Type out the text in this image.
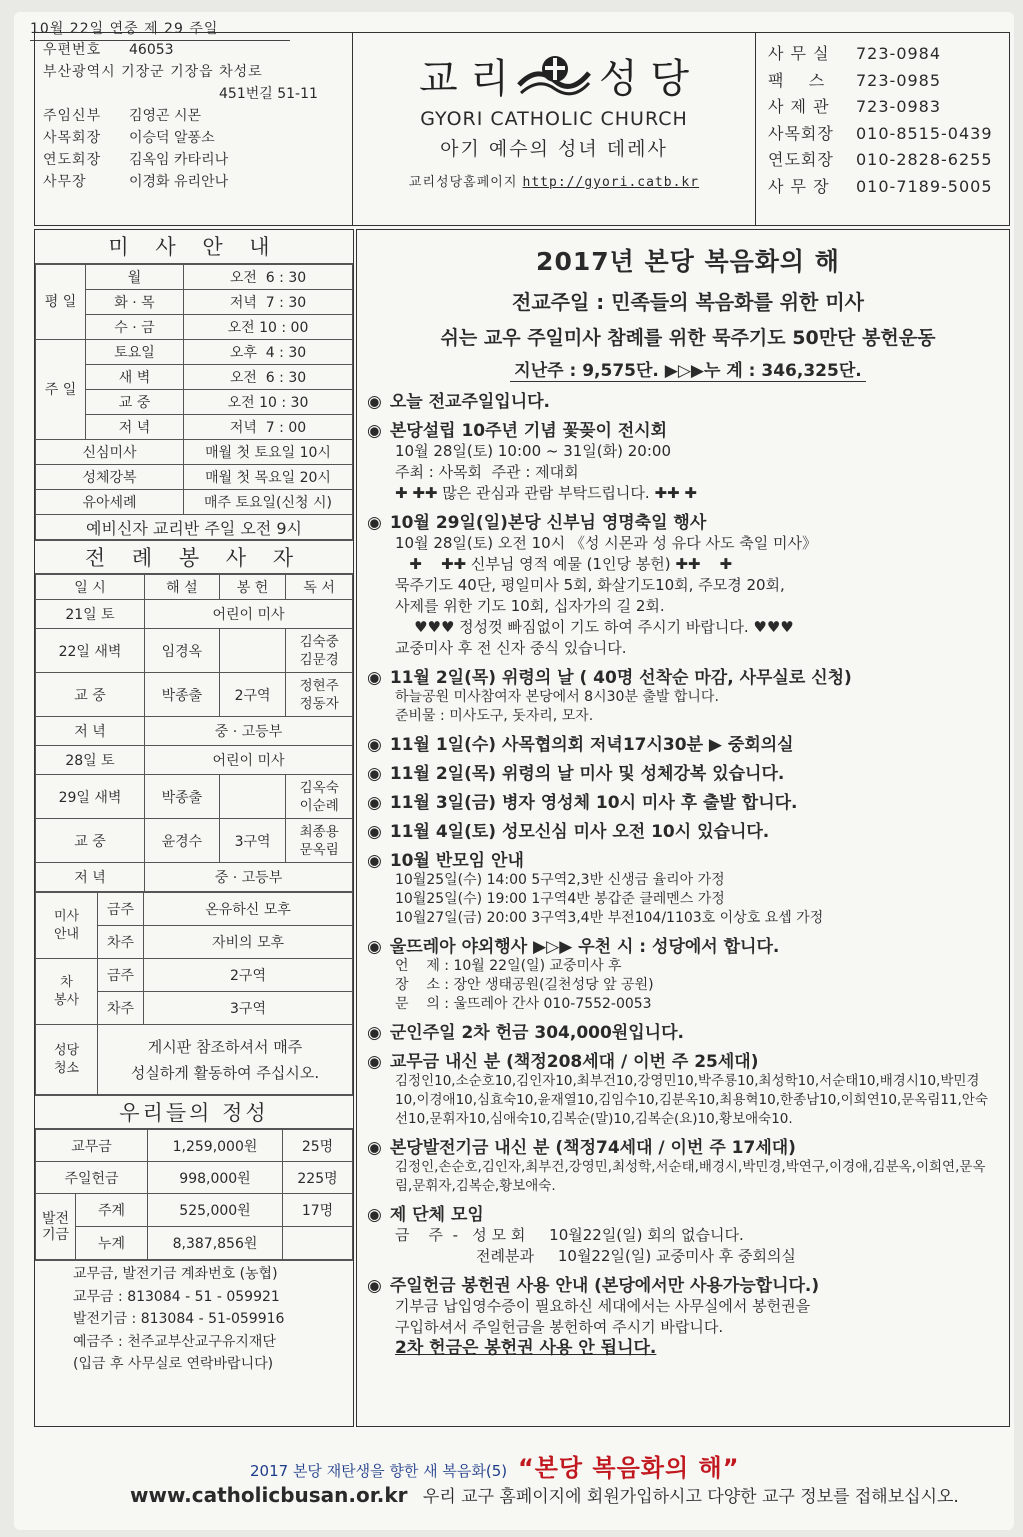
10월 22일 연중 제 29 주일
우편번호	46053
부산광역시 기장군 기장읍 차성로
451번길 51-11
주임신부	김영곤 시몬
사목회장	이승덕 알퐁소
연도회장	김옥임 카타리나
사무장	이경화 유리안나
교 리 성 당
GYORI CATHOLIC CHURCH
아기 예수의 성녀 데레사
교리성당홈페이지 http://gyori.catb.kr
사 무 실	723-0984
팩    스	723-0985
사 제 관	723-0983
사목회장	010-8515-0439
연도회장	010-2828-6255
사 무 장	010-7189-5005
미 사 안 내
평 일	월	오전  6 : 30
	화 · 목	저녁  7 : 30
	수 · 금	오전 10 : 00
주 일	토요일	오후  4 : 30
	새 벽	오전  6 : 30
	교 중	오전 10 : 30
	저 녁	저녁  7 : 00
신심미사		매월 첫 토요일 10시
성체강복		매월 첫 목요일 20시
유아세례		매주 토요일(신청 시)
예비신자 교리반 주일 오전 9시		
전 례 봉 사 자
일 시	해 설	봉 헌	독 서
21일 토	어린이 미사		
22일 새벽	임경옥		김숙중
김문경

교 중	박종출	2구역	정현주
정동자

저 녁	중 · 고등부		
28일 토	어린이 미사		
29일 새벽	박종출		김옥숙
이순례

교 중	윤경수	3구역	최종용
문옥림

저 녁	중 · 고등부		
미사
안내	금주	온유하신 모후
	차주	자비의 모후
차
봉사	금주	2구역
	차주	3구역
성당
청소	게시판 참조하셔서 매주
성실하게 활동하여 주십시오.	
우리들의 정성
교무금		1,259,000원	25명
주일헌금		998,000원	225명
발전기금	주계	525,000원	17명
	누계	8,387,856원	
교무금, 발전기금 계좌번호 (농협)
교무금 : 813084 - 51 - 059921
발전기금 : 813084 - 51-059916
예금주 : 천주교부산교구유지재단
(입금 후 사무실로 연락바랍니다)
2017년 본당 복음화의 해
전교주일 : 민족들의 복음화를 위한 미사
쉬는 교우 주일미사 참례를 위한 묵주기도 50만단 봉헌운동
지난주 : 9,575단. ▶▷▶누 계 : 346,325단.
◉ 오늘 전교주일입니다.
◉ 본당설립 10주년 기념 꽃꽂이 전시회
10월 28일(토) 10:00 ~ 31일(화) 20:00
주최 : 사목회  주관 : 제대회
✚ ✚✚ 많은 관심과 관람 부탁드립니다. ✚✚ ✚
◉ 10월 29일(일)본당 신부님 영명축일 행사
10월 28일(토) 오전 10시 《성 시몬과 성 유다 사도 축일 미사》
✚    ✚✚ 신부님 영적 예물 (1인당 봉헌) ✚✚    ✚
묵주기도 40단, 평일미사 5회, 화살기도10회, 주모경 20회,
사제를 위한 기도 10회, 십자가의 길 2회.
♥♥♥ 정성껏 빠짐없이 기도 하여 주시기 바랍니다. ♥♥♥
교중미사 후 전 신자 중식 있습니다.
◉ 11월 2일(목) 위령의 날 ( 40명 선착순 마감, 사무실로 신청)
하늘공원 미사참여자 본당에서 8시30분 출발 합니다.
준비물 : 미사도구, 돗자리, 모자.
◉ 11월 1일(수) 사목협의회 저녁17시30분 ▶ 중회의실
◉ 11월 2일(목) 위령의 날 미사 및 성체강복 있습니다.
◉ 11월 3일(금) 병자 영성체 10시 미사 후 출발 합니다.
◉ 11월 4일(토) 성모신심 미사 오전 10시 있습니다.
◉ 10월 반모임 안내
10월25일(수) 14:00 5구역2,3반 신생금 율리아 가정
10월25일(수) 19:00 1구역4반 봉갑준 클레멘스 가정
10월27일(금) 20:00 3구역3,4반 부전104/1103호 이상호 요셉 가정
◉ 울뜨레아 야외행사 ▶▷▶ 우천 시 : 성당에서 합니다.
언    제 : 10월 22일(일) 교중미사 후
장    소 : 장안 생태공원(길천성당 앞 공원)
문    의 : 울뜨레아 간사 010-7552-0053
◉ 군인주일 2차 헌금 304,000원입니다.
◉ 교무금 내신 분 (책정208세대 / 이번 주 25세대)
김정인10,소순호10,김인자10,최부건10,강영민10,박주룡10,최성학10,서순태10,배경시10,박민경10,이경애10,심효숙10,윤재열10,김임수10,김분옥10,최용혁10,한종남10,이희연10,문옥림11,안숙선10,문휘자10,심애숙10,김복순(말)10,김복순(요)10,황보애숙10.
◉ 본당발전기금 내신 분 (책정74세대 / 이번 주 17세대)
김정인,손순호,김인자,최부건,강영민,최성학,서순태,배경시,박민경,박연구,이경애,김분옥,이희연,문옥림,문휘자,김복순,황보애숙.
◉ 제 단체 모임
금    주  -   성 모 회     10월22일(일) 회의 없습니다.
전례분과     10월22일(일) 교중미사 후 중회의실
◉ 주일헌금 봉헌권 사용 안내 (본당에서만 사용가능합니다.)
기부금 납입영수증이 필요하신 세대에서는 사무실에서 봉헌권을
구입하셔서 주일헌금을 봉헌하여 주시기 바랍니다.
2차 헌금은 봉헌권 사용 안 됩니다.
2017 본당 재탄생을 향한 새 복음화(5) “본당 복음화의 해”
www.catholicbusan.or.kr 우리 교구 홈페이지에 회원가입하시고 다양한 교구 정보를 접해보십시오.
